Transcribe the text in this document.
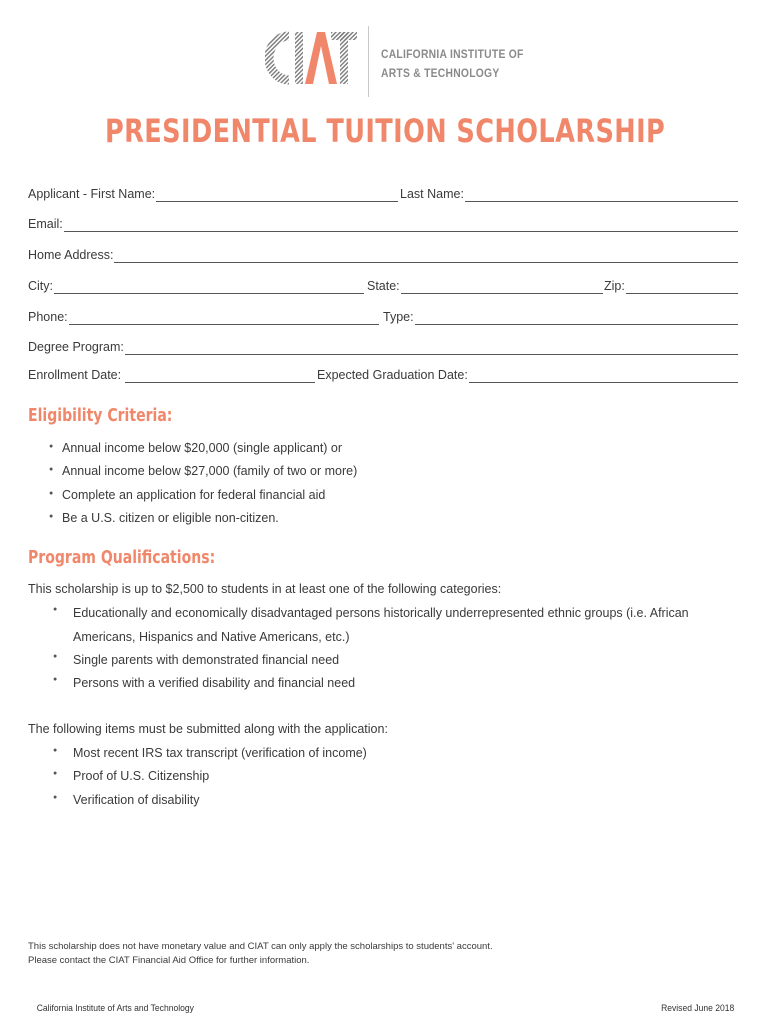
CALIFORNIA INSTITUTE OF
ARTS & TECHNOLOGY
PRESIDENTIAL TUITION SCHOLARSHIP
Applicant - First Name:	Last Name:
Email:
Home Address:
City:	State:	Zip:
Phone:	Type:
Degree Program:
Enrollment Date:	Expected Graduation Date:
Eligibility Criteria:
● Annual income below $20,000 (single applicant) or
● Annual income below $27,000 (family of two or more)
● Complete an application for federal financial aid
● Be a U.S. citizen or eligible non-citizen.
Program Qualifications:
This scholarship is up to $2,500 to students in at least one of the following categories:
● Educationally and economically disadvantaged persons historically underrepresented ethnic groups (i.e. African
Americans, Hispanics and Native Americans, etc.)
● Single parents with demonstrated financial need
● Persons with a verified disability and financial need
The following items must be submitted along with the application:
● Most recent IRS tax transcript (verification of income)
● Proof of U.S. Citizenship
● Verification of disability
This scholarship does not have monetary value and CIAT can only apply the scholarships to students' account.
Please contact the CIAT Financial Aid Office for further information.
California Institute of Arts and Technology	Revised June 2018
